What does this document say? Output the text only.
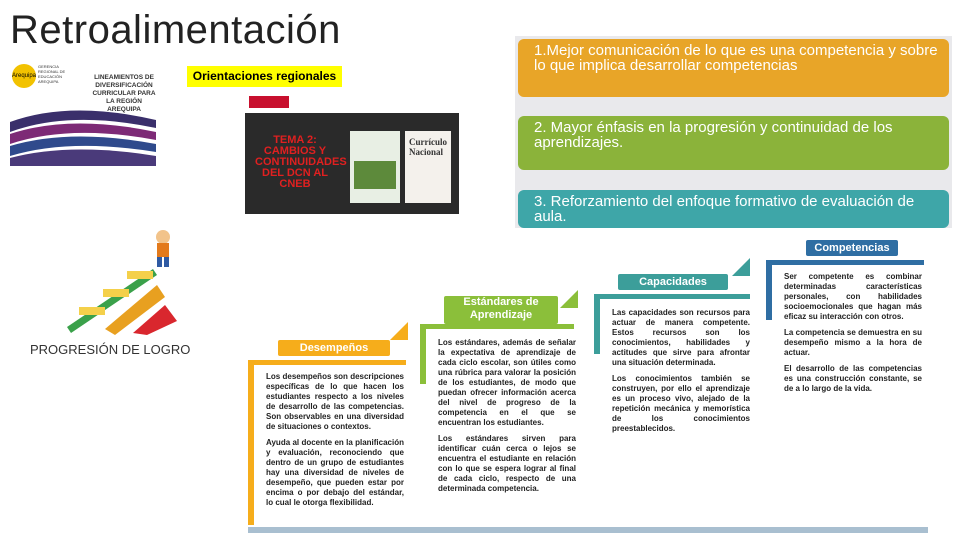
Retroalimentación
Arequipa
GERENCIA REGIONAL DE EDUCACIÓN AREQUIPA
LINEAMIENTOS DE DIVERSIFICACIÓN CURRICULAR PARA LA REGIÓN AREQUIPA
Orientaciones regionales
TEMA 2: CAMBIOS Y CONTINUIDADES DEL DCN AL CNEB
Currículo Nacional
1.Mejor comunicación de lo que es una competencia y sobre lo que implica desarrollar competencias
2. Mayor énfasis en la progresión y continuidad de los aprendizajes.
3. Reforzamiento del enfoque formativo de evaluación de aula.
PROGRESIÓN DE LOGRO	Desempeños

Los desempeños son descripciones específicas de lo que hacen los estudiantes respecto a los niveles de desarrollo de las competencias. Son observables en una diversidad de situaciones o contextos.

Ayuda al docente en la planificación y evaluación, reconociendo que dentro de un grupo de estudiantes hay una diversidad de niveles de desempeño, que pueden estar por encima o por debajo del estándar, lo cual le otorga flexibilidad.

Estándares de Aprendizaje

Los estándares, además de señalar la expectativa de aprendizaje de cada ciclo escolar, son útiles como una rúbrica para valorar la posición de los estudiantes, de modo que puedan ofrecer información acerca del nivel de progreso de la competencia en el que se encuentran los estudiantes.

Los estándares sirven para identificar cuán cerca o lejos se encuentra el estudiante en relación con lo que se espera lograr al final de cada ciclo, respecto de una determinada competencia.

Capacidades

Las capacidades son recursos para actuar de manera competente. Estos recursos son los conocimientos, habilidades y actitudes que sirve para afrontar una situación determinada.

Los conocimientos también se construyen, por ello el aprendizaje es un proceso vivo, alejado de la repetición mecánica y memorística de los conocimientos preestablecidos.

Competencias

Ser competente es combinar determinadas características personales, con habilidades socioemocionales que hagan más eficaz su interacción con otros.

La competencia se demuestra en su desempeño mismo a la hora de actuar.

El desarrollo de las competencias es una construcción constante, se de a lo largo de la vida.
